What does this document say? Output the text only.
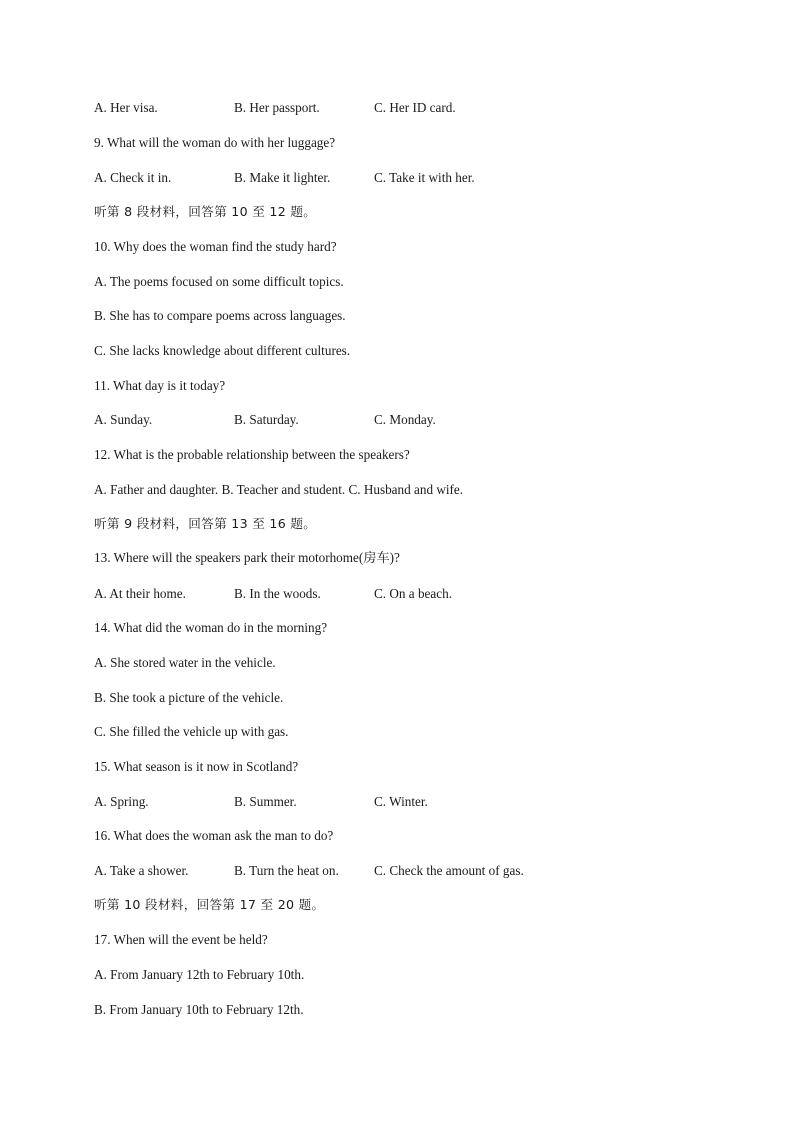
A. Her visa.	B. Her passport.	C. Her ID card.
9. What will the woman do with her luggage?
A. Check it in.	B. Make it lighter.	C. Take it with her.
听第 8 段材料，回答第 10 至 12 题。
10. Why does the woman find the study hard?
A. The poems focused on some difficult topics.
B. She has to compare poems across languages.
C. She lacks knowledge about different cultures.
11. What day is it today?
A. Sunday.	B. Saturday.	C. Monday.
12. What is the probable relationship between the speakers?
A. Father and daughter. B. Teacher and student. C. Husband and wife.
听第 9 段材料，回答第 13 至 16 题。
13. Where will the speakers park their motorhome(房车)?
A. At their home.	B. In the woods.	C. On a beach.
14. What did the woman do in the morning?
A. She stored water in the vehicle.
B. She took a picture of the vehicle.
C. She filled the vehicle up with gas.
15. What season is it now in Scotland?
A. Spring.	B. Summer.	C. Winter.
16. What does the woman ask the man to do?
A. Take a shower.	B. Turn the heat on.	C. Check the amount of gas.
听第 10 段材料，回答第 17 至 20 题。
17. When will the event be held?
A. From January 12th to February 10th.
B. From January 10th to February 12th.
